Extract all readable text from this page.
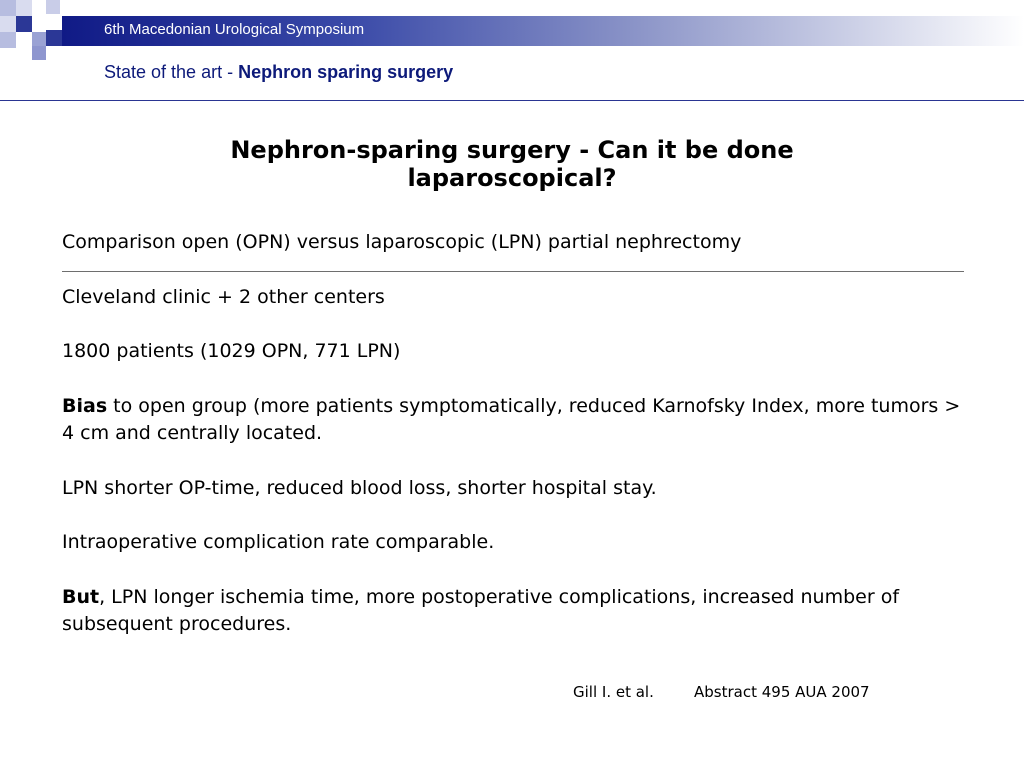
6th Macedonian Urological Symposium
State of the art - Nephron sparing surgery
Nephron-sparing surgery - Can it be done laparoscopical?
Comparison open (OPN) versus laparoscopic (LPN) partial nephrectomy
Cleveland clinic + 2 other centers
1800 patients (1029 OPN, 771 LPN)
Bias to open group (more patients symptomatically, reduced Karnofsky Index, more tumors > 4 cm and centrally located.
LPN shorter OP-time, reduced blood loss, shorter hospital stay.
Intraoperative complication rate comparable.
But, LPN longer ischemia time, more postoperative complications, increased number of subsequent procedures.
Gill I. et al.	Abstract 495 AUA 2007
